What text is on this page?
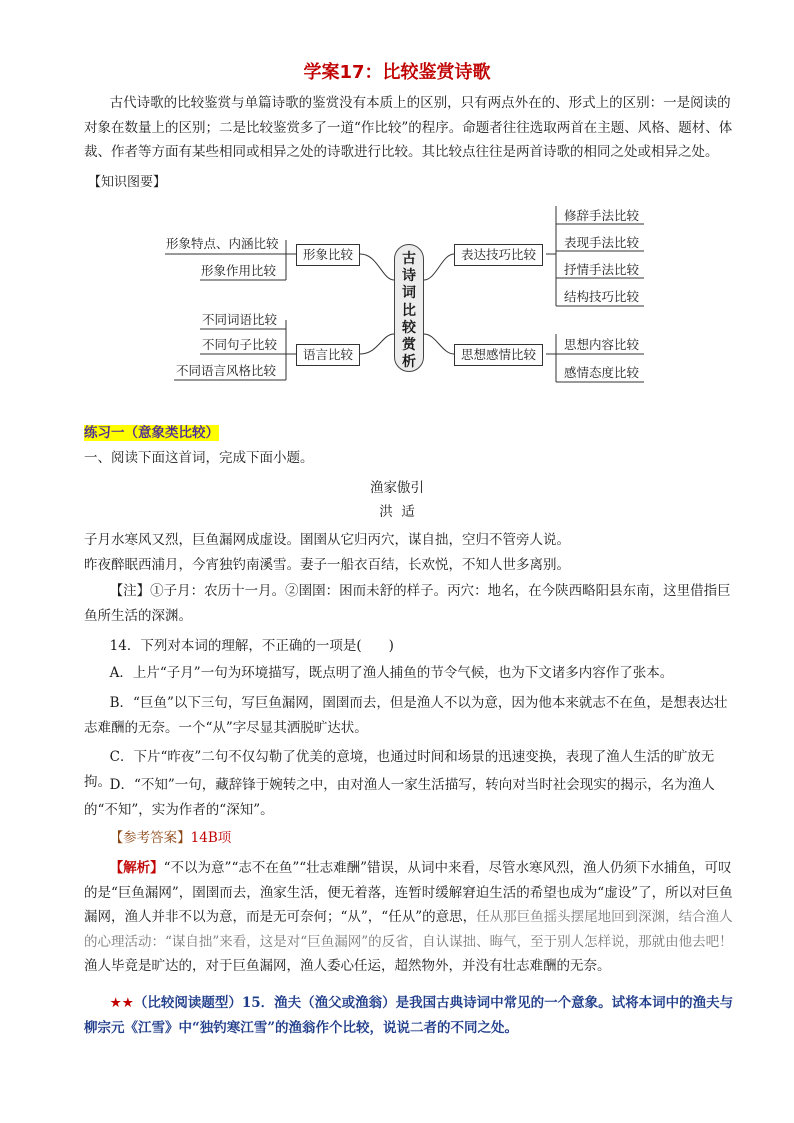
学案17：比较鉴赏诗歌
古代诗歌的比较鉴赏与单篇诗歌的鉴赏没有本质上的区别，只有两点外在的、形式上的区别：一是阅读的对象在数量上的区别；二是比较鉴赏多了一道“作比较”的程序。命题者往往选取两首在主题、风格、题材、体裁、作者等方面有某些相同或相异之处的诗歌进行比较。其比较点往往是两首诗歌的相同之处或相异之处。
【知识图要】
形象特点、内涵比较
形象作用比较
不同词语比较
不同句子比较
不同语言风格比较
形象比较
语言比较
古
诗
词
比
较
赏
析
表达技巧比较
思想感情比较
修辞手法比较
表现手法比较
抒情手法比较
结构技巧比较
思想内容比较
感情态度比较
练习一（意象类比较）
一、阅读下面这首词，完成下面小题。
渔家傲引
洪  适
子月水寒风又烈，巨鱼漏网成虚设。圉圉从它归丙穴，谋自拙，空归不管旁人说。
昨夜醉眠西浦月，今宵独钓南溪雪。妻子一船衣百结，长欢悦，不知人世多离别。
【注】①子月：农历十一月。②圉圉：困而未舒的样子。丙穴：地名，在今陕西略阳县东南，这里借指巨鱼所生活的深渊。
14．下列对本词的理解，不正确的一项是(　　)
A．上片“子月”一句为环境描写，既点明了渔人捕鱼的节令气候，也为下文诸多内容作了张本。
B．“巨鱼”以下三句，写巨鱼漏网，圉圉而去，但是渔人不以为意，因为他本来就志不在鱼，是想表达壮志难酬的无奈。一个“从”字尽显其洒脱旷达状。
C．下片“昨夜”二句不仅勾勒了优美的意境，也通过时间和场景的迅速变换，表现了渔人生活的旷放无拘。
D．“不知”一句，藏辞锋于婉转之中，由对渔人一家生活描写，转向对当时社会现实的揭示，名为渔人的“不知”，实为作者的“深知”。
【参考答案】14B项
【解析】“不以为意”“志不在鱼”“壮志难酬”错误，从词中来看，尽管水寒风烈，渔人仍须下水捕鱼，可叹的是“巨鱼漏网”，圉圉而去，渔家生活，便无着落，连暂时缓解窘迫生活的希望也成为“虚设”了，所以对巨鱼漏网，渔人并非不以为意，而是无可奈何；“从”，“任从”的意思，任从那巨鱼摇头摆尾地回到深渊，结合渔人的心理活动：“谋自拙”来看，这是对“巨鱼漏网”的反省，自认谋拙、晦气，至于别人怎样说，那就由他去吧！渔人毕竟是旷达的，对于巨鱼漏网，渔人委心任运，超然物外，并没有壮志难酬的无奈。
★★（比较阅读题型）15．渔夫（渔父或渔翁）是我国古典诗词中常见的一个意象。试将本词中的渔夫与柳宗元《江雪》中“独钓寒江雪”的渔翁作个比较，说说二者的不同之处。
